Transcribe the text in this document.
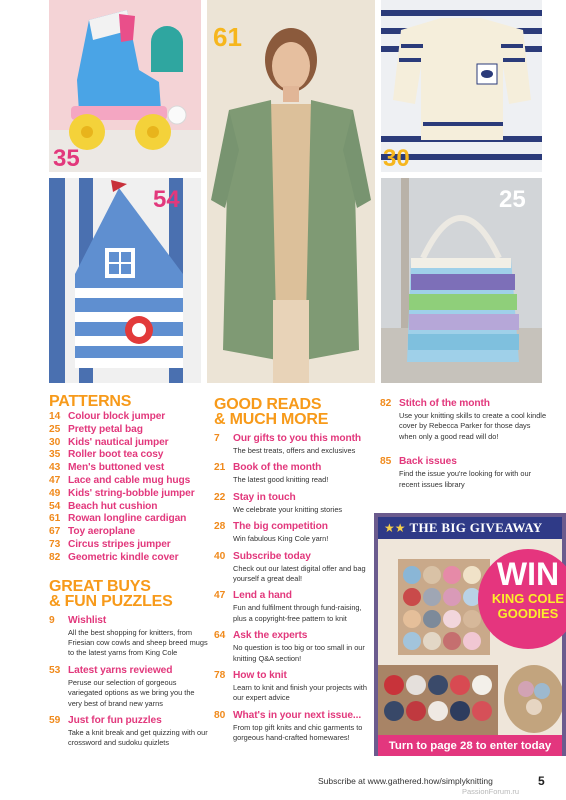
35
61
30
54	25
PATTERNS
14 Colour block jumper
25 Pretty petal bag
30 Kids' nautical jumper
35 Roller boot tea cosy
43 Men's buttoned vest
47 Lace and cable mug hugs
49 Kids' string-bobble jumper
54 Beach hut cushion
61 Rowan longline cardigan
67 Toy aeroplane
73 Circus stripes jumper
82 Geometric kindle cover
GREAT BUYS
& FUN PUZZLES
9	Wishlist
All the best shopping for knitters, from Friesian cow cowls and sheep breed mugs to the latest yarns from King Cole
53 Latest yarns reviewed
Peruse our selection of gorgeous variegated options as we bring you the very best of brand new yarns
59 Just for fun puzzles
Take a knit break and get quizzing with our crossword and sudoku quizlets
GOOD READS
& MUCH MORE
7	Our gifts to you this month
The best treats, offers and exclusives
21 Book of the month
The latest good knitting read!
22 Stay in touch
We celebrate your knitting stories
28 The big competition
Win fabulous King Cole yarn!
40 Subscribe today
Check out our latest digital offer and bag yourself a great deal!
47 Lend a hand
Fun and fulfilment through fund-raising, plus a copyright-free pattern to knit
64 Ask the experts
No question is too big or too small in our knitting Q&A section!
78 How to knit
Learn to knit and finish your projects with our expert advice
80 What's in your next issue...
From top gift knits and chic garments to gorgeous hand-crafted homewares!
82 Stitch of the month
Use your knitting skills to create a cool kindle cover by Rebecca Parker for those days when only a good read will do!
85 Back issues
Find the issue you're looking for with our recent issues library
★★ THE BIG GIVEAWAY
WIN
KING COLE
GOODIES
Turn to page 28 to enter today
Subscribe at www.gathered.how/simplyknitting	5
PassionForum.ru
